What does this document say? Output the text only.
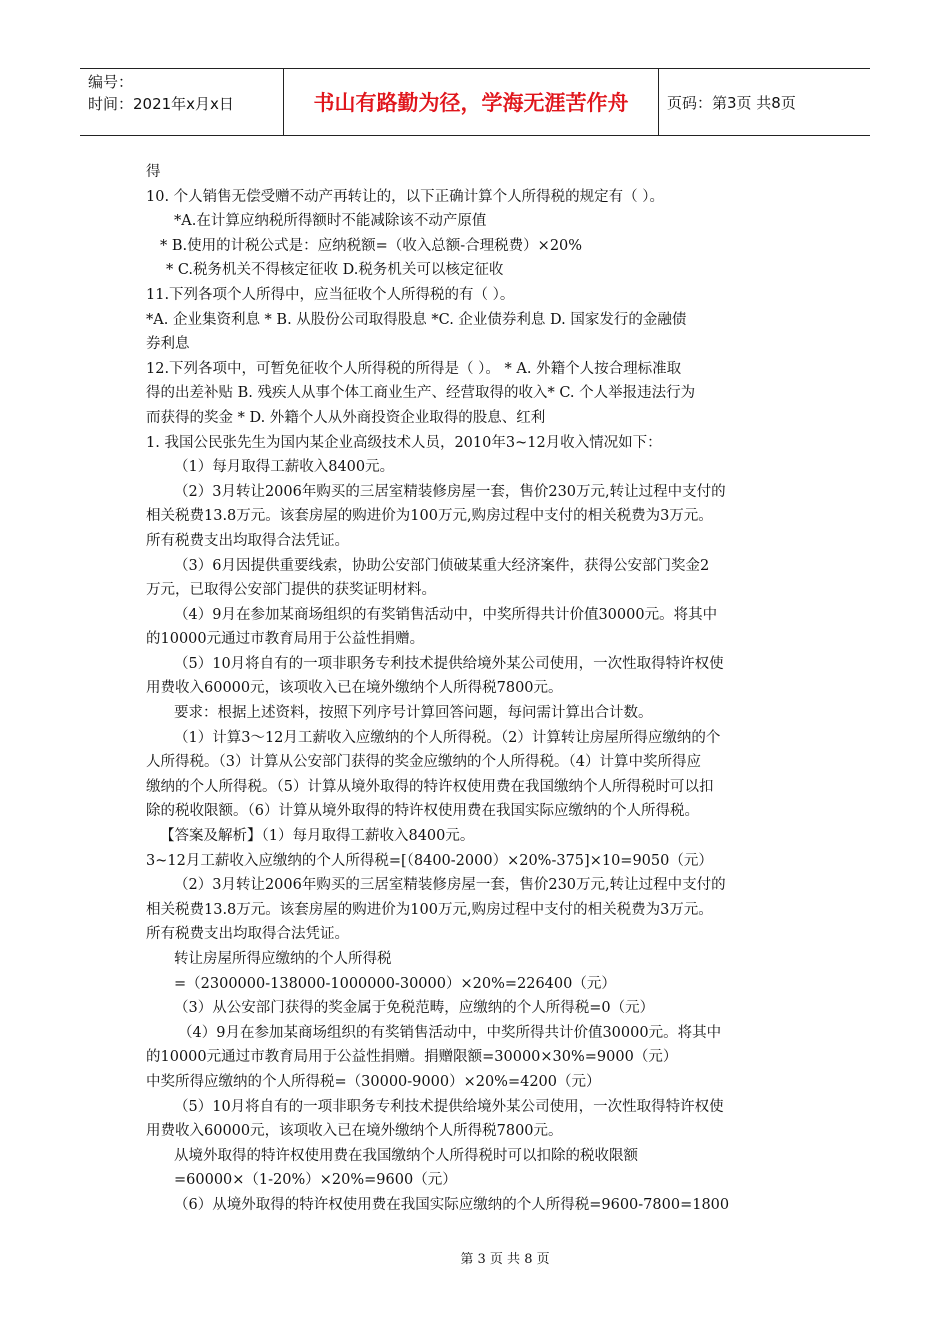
编号：
时间：2021年x月x日	书山有路勤为径，学海无涯苦作舟	页码：第3页 共8页
得
10. 个人销售无偿受赠不动产再转让的，以下正确计算个人所得税的规定有（ ）。
*A.在计算应纳税所得额时不能减除该不动产原值
* B.使用的计税公式是：应纳税额=（收入总额-合理税费）×20%
* C.税务机关不得核定征收 D.税务机关可以核定征收
11.下列各项个人所得中，应当征收个人所得税的有（ ）。
*A. 企业集资利息 * B. 从股份公司取得股息 *C. 企业债券利息 D. 国家发行的金融债
券利息
12.下列各项中，可暂免征收个人所得税的所得是（ ）。 * A. 外籍个人按合理标准取
得的出差补贴 B. 残疾人从事个体工商业生产、经营取得的收入* C. 个人举报违法行为
而获得的奖金 * D. 外籍个人从外商投资企业取得的股息、红利
1. 我国公民张先生为国内某企业高级技术人员，2010年3~12月收入情况如下：
（1）每月取得工薪收入8400元。
（2）3月转让2006年购买的三居室精装修房屋一套，售价230万元,转让过程中支付的
相关税费13.8万元。该套房屋的购进价为100万元,购房过程中支付的相关税费为3万元。
所有税费支出均取得合法凭证。
（3）6月因提供重要线索，协助公安部门侦破某重大经济案件，获得公安部门奖金2
万元，已取得公安部门提供的获奖证明材料。
（4）9月在参加某商场组织的有奖销售活动中，中奖所得共计价值30000元。将其中
的10000元通过市教育局用于公益性捐赠。
（5）10月将自有的一项非职务专利技术提供给境外某公司使用，一次性取得特许权使
用费收入60000元，该项收入已在境外缴纳个人所得税7800元。
要求：根据上述资料，按照下列序号计算回答问题，每问需计算出合计数。
（1）计算3～12月工薪收入应缴纳的个人所得税。（2）计算转让房屋所得应缴纳的个
人所得税。（3）计算从公安部门获得的奖金应缴纳的个人所得税。（4）计算中奖所得应
缴纳的个人所得税。（5）计算从境外取得的特许权使用费在我国缴纳个人所得税时可以扣
除的税收限额。（6）计算从境外取得的特许权使用费在我国实际应缴纳的个人所得税。
【答案及解析】（1）每月取得工薪收入8400元。
3~12月工薪收入应缴纳的个人所得税=[（8400-2000）×20%-375]×10=9050（元）
（2）3月转让2006年购买的三居室精装修房屋一套，售价230万元,转让过程中支付的
相关税费13.8万元。该套房屋的购进价为100万元,购房过程中支付的相关税费为3万元。
所有税费支出均取得合法凭证。
转让房屋所得应缴纳的个人所得税
=（2300000-138000-1000000-30000）×20%=226400（元）
（3）从公安部门获得的奖金属于免税范畴，应缴纳的个人所得税=0（元）
（4）9月在参加某商场组织的有奖销售活动中，中奖所得共计价值30000元。将其中
的10000元通过市教育局用于公益性捐赠。捐赠限额=30000×30%=9000（元）
中奖所得应缴纳的个人所得税=（30000-9000）×20%=4200（元）
（5）10月将自有的一项非职务专利技术提供给境外某公司使用，一次性取得特许权使
用费收入60000元，该项收入已在境外缴纳个人所得税7800元。
从境外取得的特许权使用费在我国缴纳个人所得税时可以扣除的税收限额
=60000×（1-20%）×20%=9600（元）
（6）从境外取得的特许权使用费在我国实际应缴纳的个人所得税=9600-7800=1800
第 3 页 共 8 页
